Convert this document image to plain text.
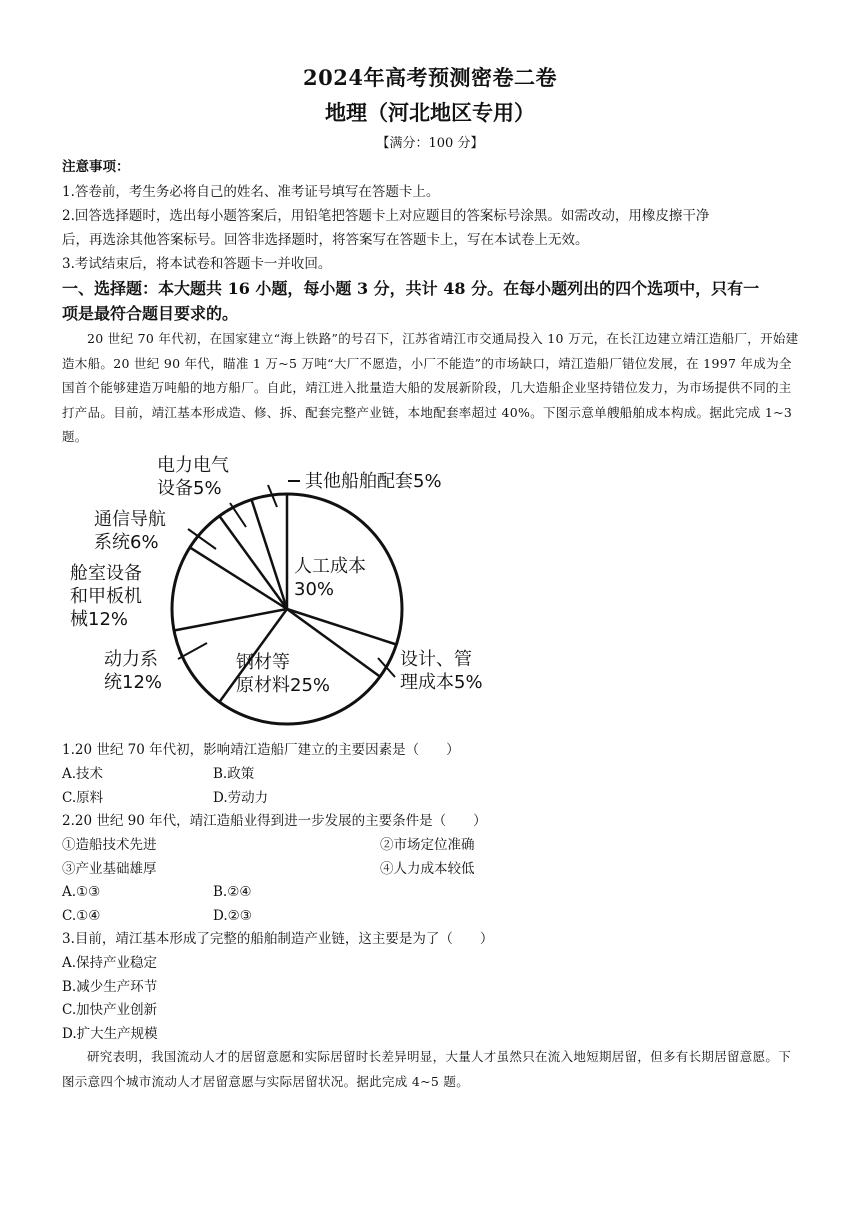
2024年高考预测密卷二卷
地理（河北地区专用）
【满分：100 分】
注意事项：
1.答卷前，考生务必将自己的姓名、准考证号填写在答题卡上。
2.回答选择题时，选出每小题答案后，用铅笔把答题卡上对应题目的答案标号涂黑。如需改动，用橡皮擦干净
后，再选涂其他答案标号。回答非选择题时，将答案写在答题卡上，写在本试卷上无效。
3.考试结束后，将本试卷和答题卡一并收回。
一、选择题：本大题共 16 小题，每小题 3 分，共计 48 分。在每小题列出的四个选项中，只有一
项是最符合题目要求的。
20 世纪 70 年代初，在国家建立“海上铁路”的号召下，江苏省靖江市交通局投入 10 万元，在长江边建立靖江造船厂，开始建造木船。20 世纪 90 年代，瞄准 1 万~5 万吨“大厂不愿造，小厂不能造”的市场缺口，靖江造船厂错位发展，在 1997 年成为全国首个能够建造万吨船的地方船厂。自此，靖江进入批量造大船的发展新阶段，几大造船企业坚持错位发力，为市场提供不同的主打产品。目前，靖江基本形成造、修、拆、配套完整产业链，本地配套率超过 40%。下图示意单艘船舶成本构成。据此完成 1~3 题。
人工成本 30%
设计、管理成本5%
钢材等原材料25%
动力系统12%
舱室设备和甲板机械12%
通信导航系统6%
电力电气设备5%	其他船舶配套5%
1.20 世纪 70 年代初，影响靖江造船厂建立的主要因素是（　　）
A.技术	B.政策
C.原料	D.劳动力
2.20 世纪 90 年代，靖江造船业得到进一步发展的主要条件是（　　）
①造船技术先进	②市场定位准确
③产业基础雄厚	④人力成本较低
A.①③	B.②④
C.①④	D.②③
3.目前，靖江基本形成了完整的船舶制造产业链，这主要是为了（　　）
A.保持产业稳定
B.减少生产环节
C.加快产业创新
D.扩大生产规模
研究表明，我国流动人才的居留意愿和实际居留时长差异明显，大量人才虽然只在流入地短期居留，但多有长期居留意愿。下图示意四个城市流动人才居留意愿与实际居留状况。据此完成 4~5 题。
